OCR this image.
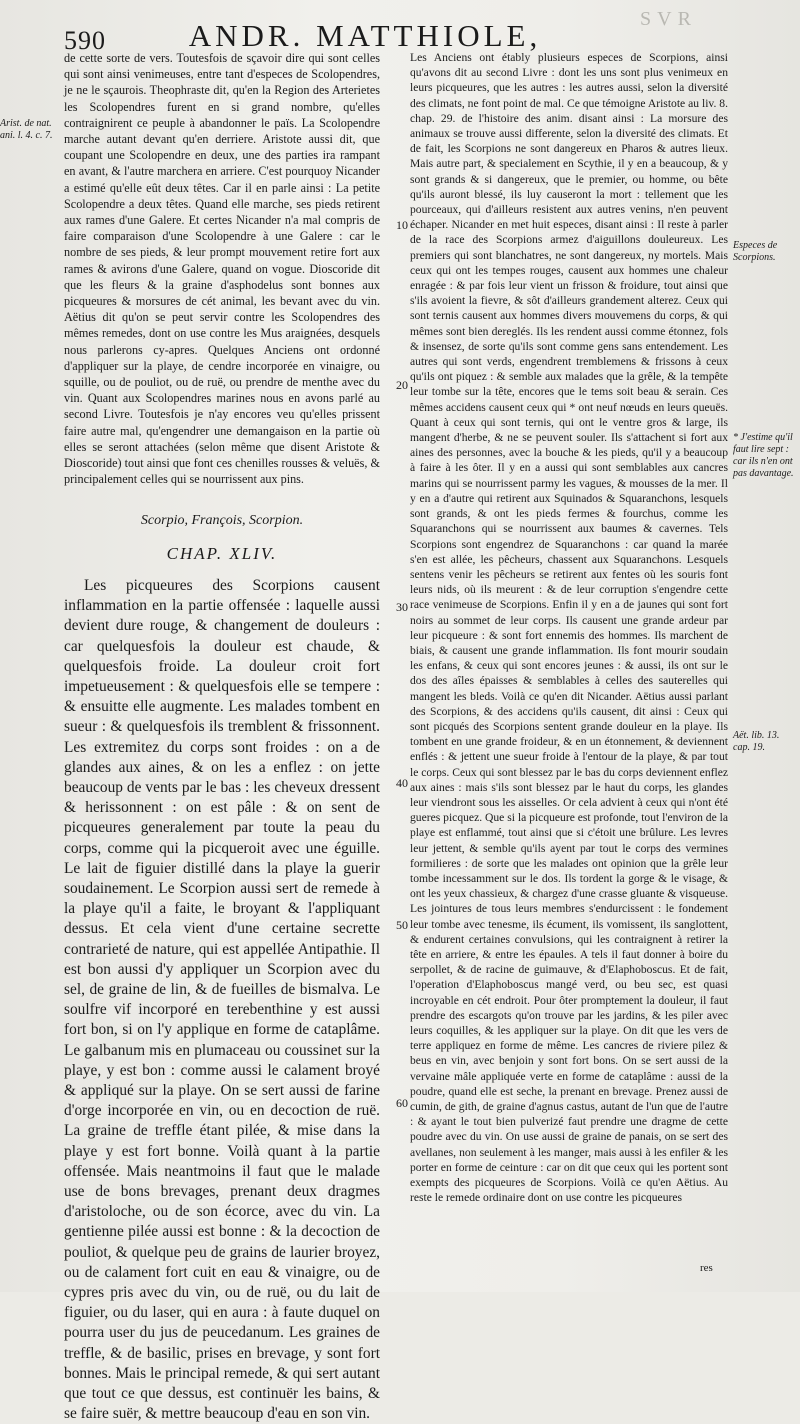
590	ANDR. MATTHIOLE,	SVR
Arist. de nat. ani. l. 4. c. 7.

de cette sorte de vers. Toutesfois de sçavoir dire qui sont celles qui sont ainsi venimeuses, entre tant d'especes de Scolopendres, je ne le sçaurois. Theophraste dit, qu'en la Region des Arterietes les Scolopendres furent en si grand nombre, qu'elles contraignirent ce peuple à abandonner le païs. La Scolopendre marche autant devant qu'en derriere. Aristote aussi dit, que coupant une Scolopendre en deux, une des parties ira rampant en avant, & l'autre marchera en arriere. C'est pourquoy Nicander a estimé qu'elle eût deux têtes. Car il en parle ainsi : La petite Scolopendre a deux têtes. Quand elle marche, ses pieds retirent aux rames d'une Galere. Et certes Nicander n'a mal compris de faire comparaison d'une Scolopendre à une Galere : car le nombre de ses pieds, & leur prompt mouvement retire fort aux rames & avirons d'une Galere, quand on vogue. Dioscoride dit que les fleurs & la graine d'asphodelus sont bonnes aux picqueures & morsures de cét animal, les bevant avec du vin. Aëtius dit qu'on se peut servir contre les Scolopendres des mêmes remedes, dont on use contre les Mus araignées, desquels nous parlerons cy-apres. Quelques Anciens ont ordonné d'appliquer sur la playe, de cendre incorporée en vinaigre, ou squille, ou de pouliot, ou de ruë, ou prendre de menthe avec du vin. Quant aux Scolopendres marines nous en avons parlé au second Livre. Toutesfois je n'ay encores veu qu'elles prissent faire autre mal, qu'engendrer une demangaison en la partie où elles se seront attachées (selon même que disent Aristote & Dioscoride) tout ainsi que font ces chenilles rousses & veluës, & principalement celles qui se nourrissent aux pins.

Scorpio, François, Scorpion.
CHAP. XLIV.

Les picqueures des Scorpions causent inflammation en la partie offensée : laquelle aussi devient dure rouge, & changement de douleurs : car quelquesfois la douleur est chaude, & quelquesfois froide. La douleur croit fort impetueusement : & quelquesfois elle se tempere : & ensuitte elle augmente. Les malades tombent en sueur : & quelquesfois ils tremblent & frissonnent. Les extremitez du corps sont froides : on a de glandes aux aines, & on les a enflez : on jette beaucoup de vents par le bas : les cheveux dressent & herissonnent : on est pâle : & on sent de picqueures generalement par toute la peau du corps, comme qui la picqueroit avec une éguille. Le lait de figuier distillé dans la playe la guerir soudainement. Le Scorpion aussi sert de remede à la playe qu'il a faite, le broyant & l'appliquant dessus. Et cela vient d'une certaine secrette contrarieté de nature, qui est appellée Antipathie. Il est bon aussi d'y appliquer un Scorpion avec du sel, de graine de lin, & de fueilles de bismalva. Le soulfre vif incorporé en terebenthine y est aussi fort bon, si on l'y applique en forme de cataplâme. Le galbanum mis en plumaceau ou coussinet sur la playe, y est bon : comme aussi le calament broyé & appliqué sur la playe. On se sert aussi de farine d'orge incorporée en vin, ou en decoction de ruë. La graine de treffle étant pilée, & mise dans la playe y est fort bonne. Voilà quant à la partie offensée. Mais neantmoins il faut que le malade use de bons brevages, prenant deux dragmes d'aristoloche, ou de son écorce, avec du vin. La gentienne pilée aussi est bonne : & la decoction de pouliot, & quelque peu de grains de laurier broyez, ou de calament fort cuit en eau & vinaigre, ou de cypres pris avec du vin, ou de ruë, ou du lait de figuier, ou du laser, qui en aura : à faute duquel on pourra user du jus de peucedanum. Les graines de treffle, & de basilic, prises en brevage, y sont fort bonnes. Mais le principal remede, & qui sert autant que tout ce que dessus, est continuër les bains, & se faire suër, & mettre beaucoup d'eau en son vin.

10
20
30
40
50
60

Les Anciens ont étably plusieurs especes de Scorpions, ainsi qu'avons dit au second Livre : dont les uns sont plus venimeux en leurs picqueures, que les autres : les autres aussi, selon la diversité des climats, ne font point de mal. Ce que témoigne Aristote au liv. 8. chap. 29. de l'histoire des anim. disant ainsi : La morsure des animaux se trouve aussi differente, selon la diversité des climats. Et de fait, les Scorpions ne sont dangereux en Pharos & autres lieux. Mais autre part, & specialement en Scythie, il y en a beaucoup, & y sont grands & si dangereux, que le premier, ou homme, ou bête qu'ils auront blessé, ils luy causeront la mort : tellement que les pourceaux, qui d'ailleurs resistent aux autres venins, n'en peuvent échaper. Nicander en met huit especes, disant ainsi : Il reste à parler de la race des Scorpions armez d'aiguillons douleureux. Les premiers qui sont blanchatres, ne sont dangereux, ny mortels. Mais ceux qui ont les tempes rouges, causent aux hommes une chaleur enragée : & par fois leur vient un frisson & froidure, tout ainsi que s'ils avoient la fievre, & sôt d'ailleurs grandement alterez. Ceux qui sont ternis causent aux hommes divers mouvemens du corps, & qui mêmes sont bien dereglés. Ils les rendent aussi comme étonnez, fols & insensez, de sorte qu'ils sont comme gens sans entendement. Les autres qui sont verds, engendrent tremblemens & frissons à ceux qu'ils ont piquez : & semble aux malades que la grêle, & la tempête leur tombe sur la tête, encores que le tems soit beau & serain. Ces mêmes accidens causent ceux qui * ont neuf nœuds en leurs queuës. Quant à ceux qui sont ternis, qui ont le ventre gros & large, ils mangent d'herbe, & ne se peuvent souler. Ils s'attachent si fort aux aines des personnes, avec la bouche & les pieds, qu'il y a beaucoup à faire à les ôter. Il y en a aussi qui sont semblables aux cancres marins qui se nourrissent parmy les vagues, & mousses de la mer. Il y en a d'autre qui retirent aux Squinados & Squaranchons, lesquels sont grands, & ont les pieds fermes & fourchus, comme les Squaranchons qui se nourrissent aux baumes & cavernes. Tels Scorpions sont engendrez de Squaranchons : car quand la marée s'en est allée, les pêcheurs, chassent aux Squaranchons. Lesquels sentens venir les pêcheurs se retirent aux fentes où les souris font leurs nids, où ils meurent : & de leur corruption s'engendre cette race venimeuse de Scorpions. Enfin il y en a de jaunes qui sont fort noirs au sommet de leur corps. Ils causent une grande ardeur par leur picqueure : & sont fort ennemis des hommes. Ils marchent de biais, & causent une grande inflammation. Ils font mourir soudain les enfans, & ceux qui sont encores jeunes : & aussi, ils ont sur le dos des aîles épaisses & semblables à celles des sauterelles qui mangent les bleds. Voilà ce qu'en dit Nicander. Aëtius aussi parlant des Scorpions, & des accidens qu'ils causent, dit ainsi : Ceux qui sont picqués des Scorpions sentent grande douleur en la playe. Ils tombent en une grande froideur, & en un étonnement, & deviennent enflés : & jettent une sueur froide à l'entour de la playe, & par tout le corps. Ceux qui sont blessez par le bas du corps deviennent enflez aux aines : mais s'ils sont blessez par le haut du corps, les glandes leur viendront sous les aisselles. Or cela advient à ceux qui n'ont été gueres picquez. Que si la picqueure est profonde, tout l'environ de la playe est enflammé, tout ainsi que si c'étoit une brûlure. Les levres leur jettent, & semble qu'ils ayent par tout le corps des vermines formilieres : de sorte que les malades ont opinion que la grêle leur tombe incessamment sur le dos. Ils tordent la gorge & le visage, & ont les yeux chassieux, & chargez d'une crasse gluante & visqueuse. Les jointures de tous leurs membres s'endurcissent : le fondement leur tombe avec tenesme, ils écument, ils vomissent, ils sanglottent, & endurent certaines convulsions, qui les contraignent à retirer la tête en arriere, & entre les épaules. A tels il faut donner à boire du serpollet, & de racine de guimauve, & d'Elaphoboscus. Et de fait, l'operation d'Elaphoboscus mangé verd, ou beu sec, est quasi incroyable en cét endroit. Pour ôter promptement la douleur, il faut prendre des escargots qu'on trouve par les jardins, & les piler avec leurs coquilles, & les appliquer sur la playe. On dit que les vers de terre appliquez en forme de même. Les cancres de riviere pilez & beus en vin, avec benjoin y sont fort bons. On se sert aussi de la vervaine mâle appliquée verte en forme de cataplâme : aussi de la poudre, quand elle est seche, la prenant en brevage. Prenez aussi de cumin, de gith, de graine d'agnus castus, autant de l'un que de l'autre : & ayant le tout bien pulverizé faut prendre une dragme de cette poudre avec du vin. On use aussi de graine de panais, on se sert des avellanes, non seulement à les manger, mais aussi à les enfiler & les porter en forme de ceinture : car on dit que ceux qui les portent sont exempts des picqueures de Scorpions. Voilà ce qu'en Aëtius. Au reste le remede ordinaire dont on use contre les picqueures

Especes de Scorpions.
* J'estime qu'il faut lire sept : car ils n'en ont pas davantage.
Aët. lib. 13. cap. 19.
res
